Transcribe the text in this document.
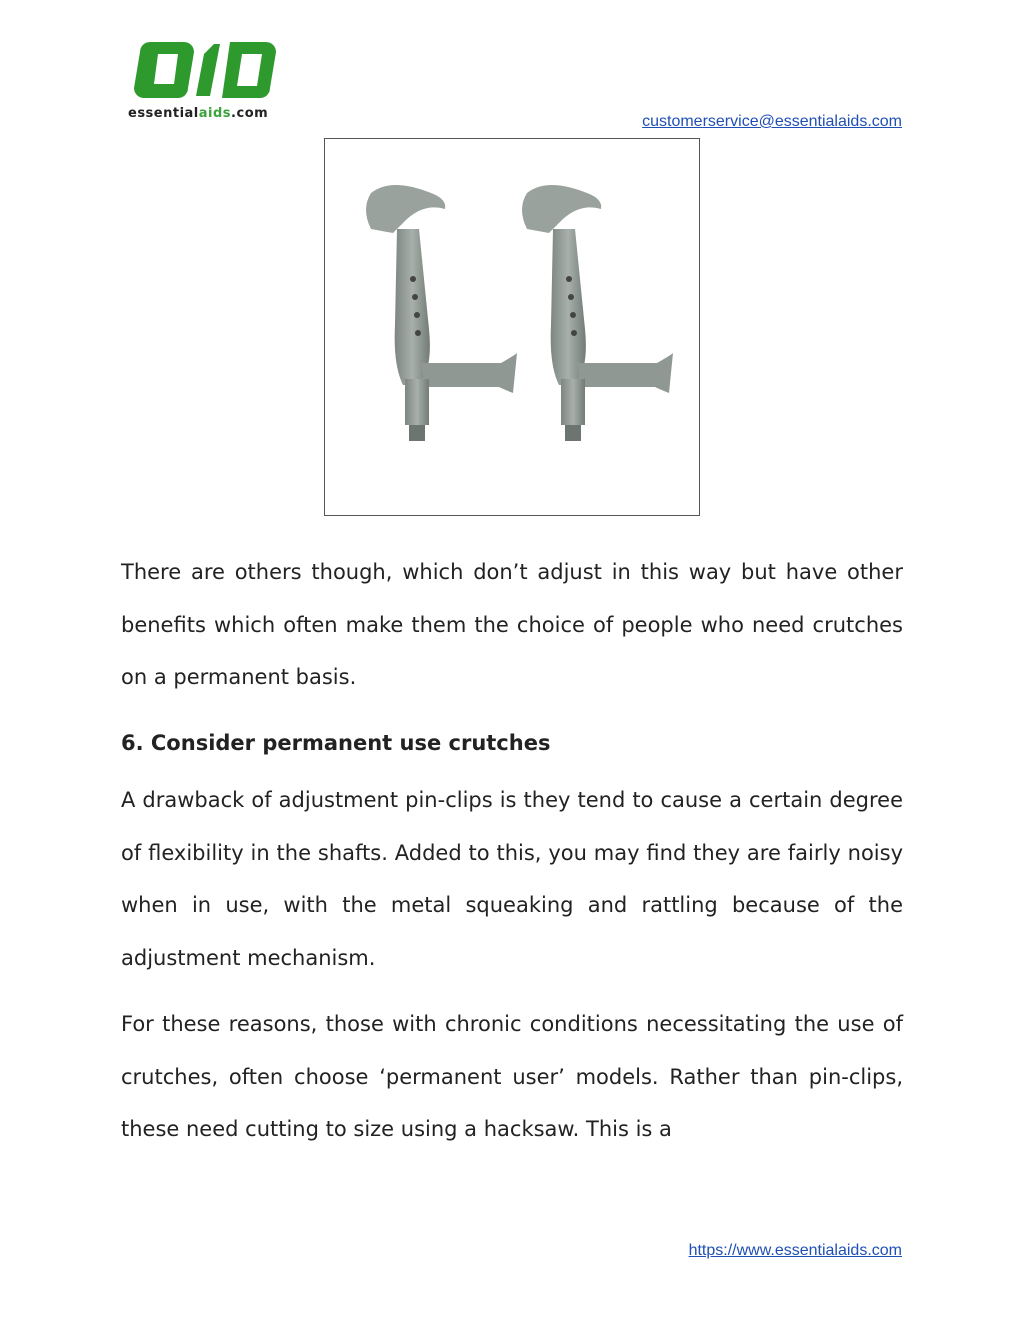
essentialaids.com	customerservice@essentialaids.com

There are others though, which don’t adjust in this way but have other benefits which often make them the choice of people who need crutches on a permanent basis.

6. Consider permanent use crutches

A drawback of adjustment pin-clips is they tend to cause a certain degree of flexibility in the shafts. Added to this, you may find they are fairly noisy when in use, with the metal squeaking and rattling because of the adjustment mechanism.

For these reasons, those with chronic conditions necessitating the use of crutches, often choose ‘permanent user’ models. Rather than pin-clips, these need cutting to size using a hacksaw. This is a

https://www.essentialaids.com
